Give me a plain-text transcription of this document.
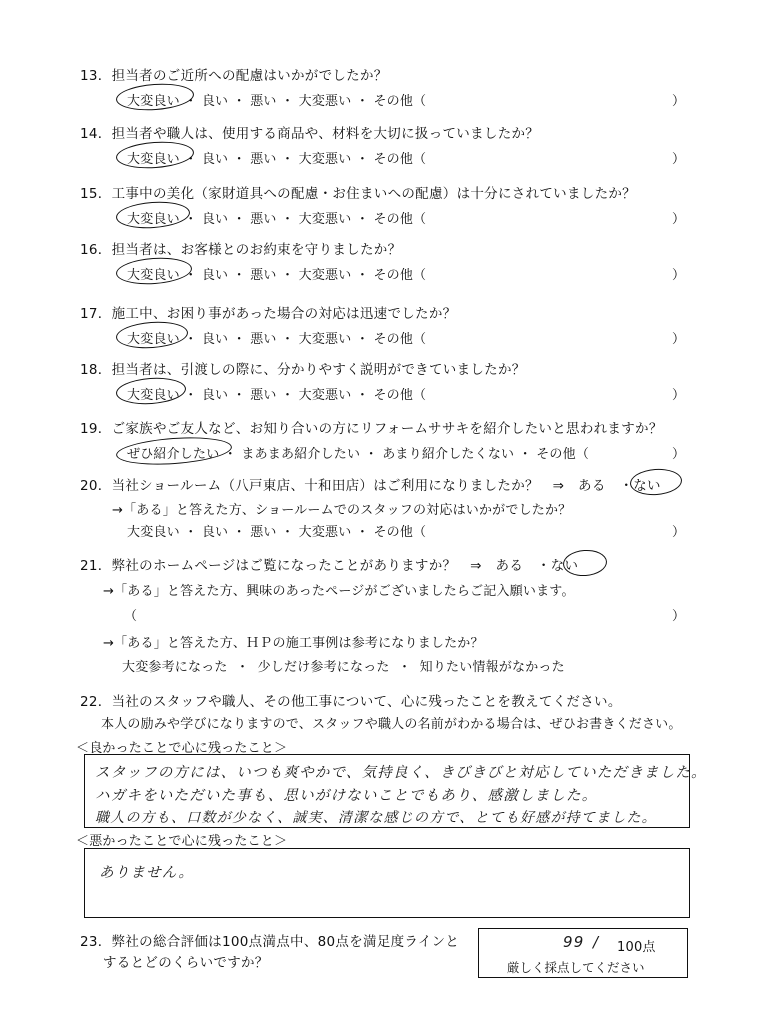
13．担当者のご近所への配慮はいかがでしたか？
大変良い ・ 良い ・ 悪い ・ 大変悪い ・ その他（	）
14．担当者や職人は、使用する商品や、材料を大切に扱っていましたか？
大変良い ・ 良い ・ 悪い ・ 大変悪い ・ その他（	）
15．工事中の美化（家財道具への配慮・お住まいへの配慮）は十分にされていましたか？
大変良い ・ 良い ・ 悪い ・ 大変悪い ・ その他（	）
16．担当者は、お客様とのお約束を守りましたか？
大変良い ・ 良い ・ 悪い ・ 大変悪い ・ その他（	）
17．施工中、お困り事があった場合の対応は迅速でしたか？
大変良い ・ 良い ・ 悪い ・ 大変悪い ・ その他（	）
18．担当者は、引渡しの際に、分かりやすく説明ができていましたか？
大変良い ・ 良い ・ 悪い ・ 大変悪い ・ その他（	）
19．ご家族やご友人など、お知り合いの方にリフォームササキを紹介したいと思われますか？
ぜひ紹介したい ・ まあまあ紹介したい ・ あまり紹介したくない ・ その他（	）
20．当社ショールーム（八戸東店、十和田店）はご利用になりましたか？　⇒　ある　・ない
→「ある」と答えた方、ショールームでのスタッフの対応はいかがでしたか？
大変良い ・ 良い ・ 悪い ・ 大変悪い ・ その他（	）
21．弊社のホームページはご覧になったことがありますか？　⇒　ある　・ない
→「ある」と答えた方、興味のあったページがございましたらご記入願います。
（	）
→「ある」と答えた方、ＨＰの施工事例は参考になりましたか？
大変参考になった ・ 少しだけ参考になった ・ 知りたい情報がなかった
22．当社のスタッフや職人、その他工事について、心に残ったことを教えてください。
本人の励みや学びになりますので、スタッフや職人の名前がわかる場合は、ぜひお書きください。
＜良かったことで心に残ったこと＞
スタッフの方には、いつも爽やかで、気持良く、きびきびと対応していただきました。
ハガキをいただいた事も、思いがけないことでもあり、感激しました。
職人の方も、口数が少なく、誠実、清潔な感じの方で、とても好感が持てました。
＜悪かったことで心に残ったこと＞
ありません。
23．弊社の総合評価は100点満点中、80点を満足度ラインと
するとどのくらいですか？
99 / 100点
厳しく採点してください
